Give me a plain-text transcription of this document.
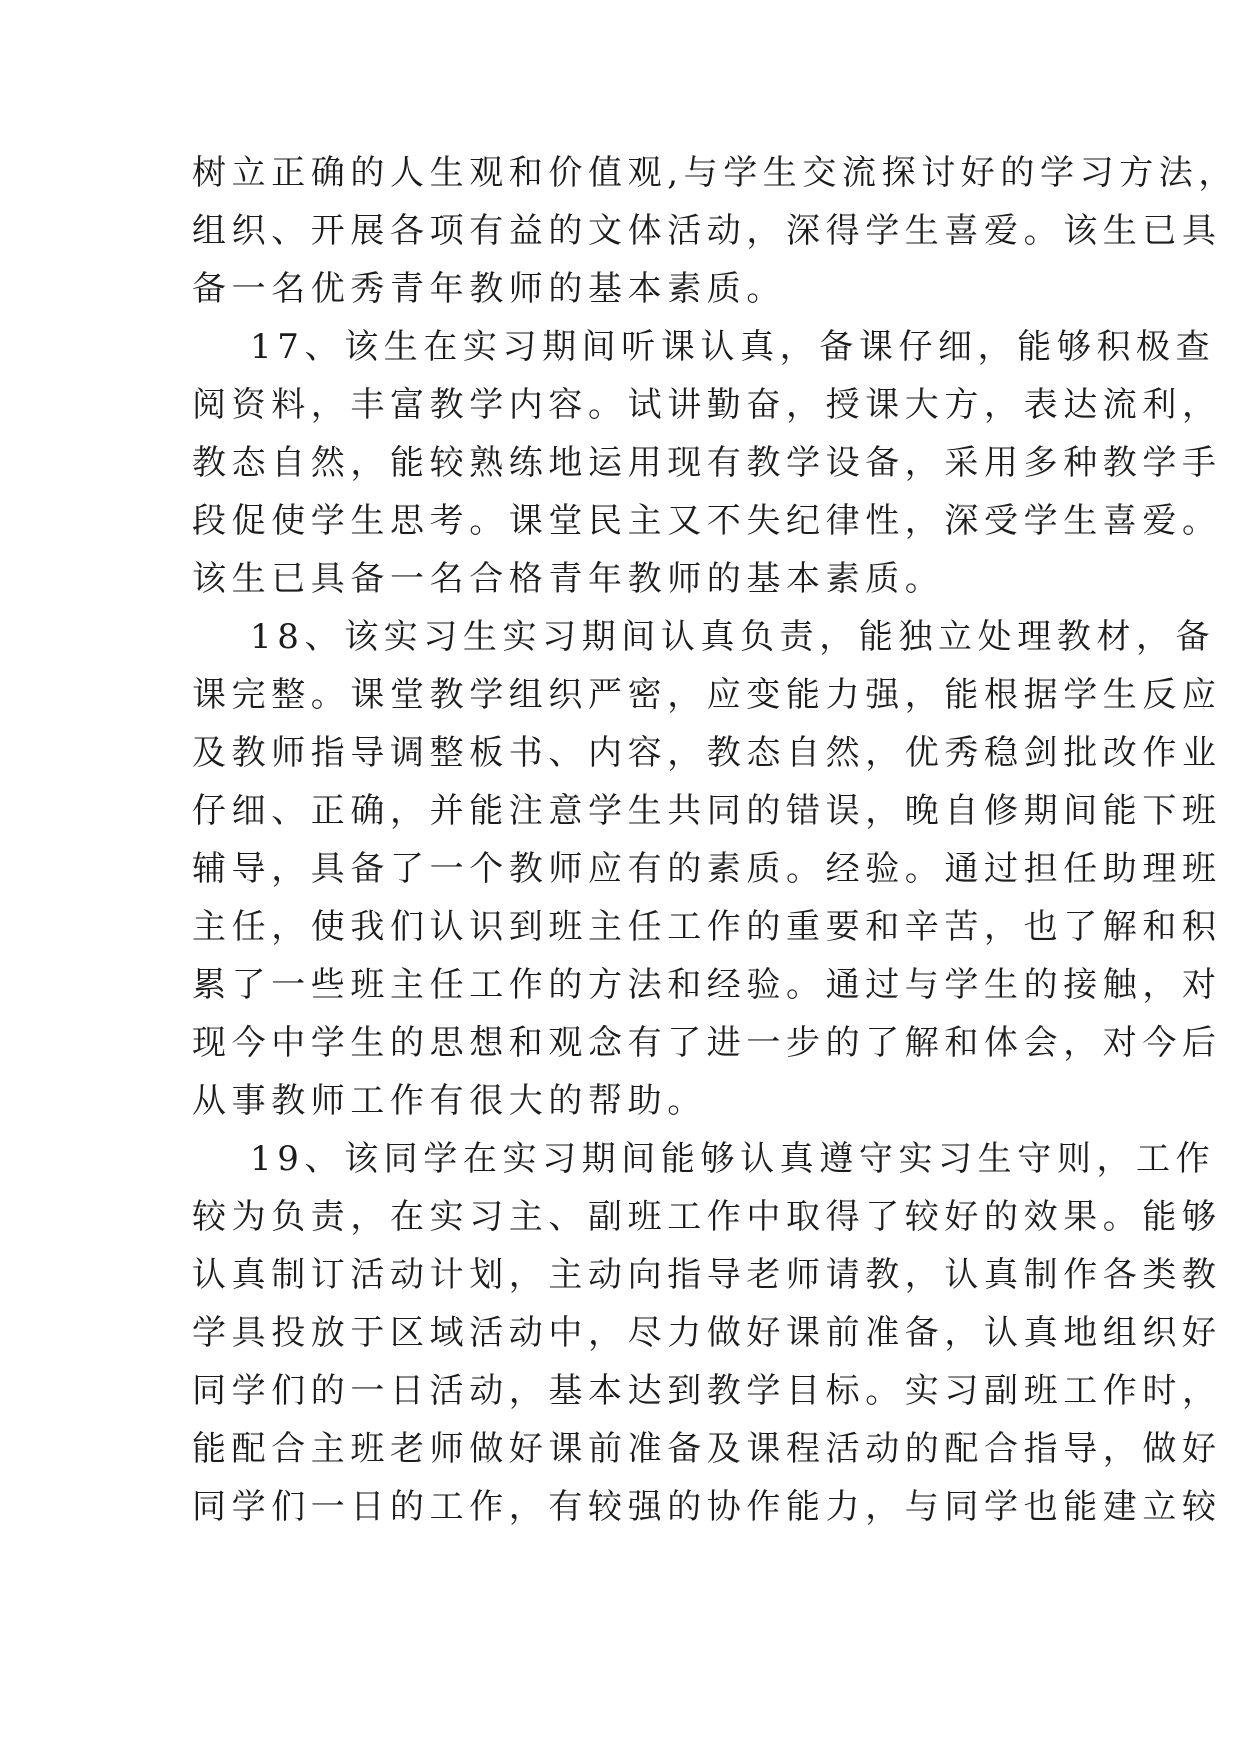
树立正确的人生观和价值观,与学生交流探讨好的学习方法，
组织、开展各项有益的文体活动，深得学生喜爱。该生已具
备一名优秀青年教师的基本素质。
17、该生在实习期间听课认真，备课仔细，能够积极查
阅资料，丰富教学内容。试讲勤奋，授课大方，表达流利，
教态自然，能较熟练地运用现有教学设备，采用多种教学手
段促使学生思考。课堂民主又不失纪律性，深受学生喜爱。
该生已具备一名合格青年教师的基本素质。
18、该实习生实习期间认真负责，能独立处理教材，备
课完整。课堂教学组织严密，应变能力强，能根据学生反应
及教师指导调整板书、内容，教态自然，优秀稳剑批改作业
仔细、正确，并能注意学生共同的错误，晚自修期间能下班
辅导，具备了一个教师应有的素质。经验。通过担任助理班
主任，使我们认识到班主任工作的重要和辛苦，也了解和积
累了一些班主任工作的方法和经验。通过与学生的接触，对
现今中学生的思想和观念有了进一步的了解和体会，对今后
从事教师工作有很大的帮助。
19、该同学在实习期间能够认真遵守实习生守则，工作
较为负责，在实习主、副班工作中取得了较好的效果。能够
认真制订活动计划，主动向指导老师请教，认真制作各类教
学具投放于区域活动中，尽力做好课前准备，认真地组织好
同学们的一日活动，基本达到教学目标。实习副班工作时，
能配合主班老师做好课前准备及课程活动的配合指导，做好
同学们一日的工作，有较强的协作能力，与同学也能建立较
